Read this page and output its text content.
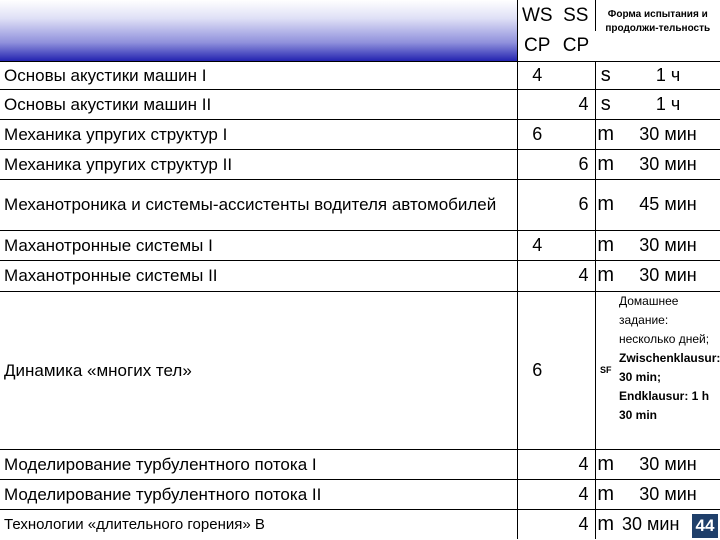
	WS	SS	Форма испытания и продолжи-тельность	
	CP	CP		
Основы акустики машин I	4		s	1 ч
Основы акустики машин II		4	s	1 ч
Механика упругих структур I	6		m	30 мин
Механика упругих структур II		6	m	30 мин
Механотроника и системы-ассистенты водителя автомобилей		6	m	45 мин
Маханотронные системы I	4		m	30 мин
Маханотронные системы II		4	m	30 мин
Динамика «многих тел»	6		SF	Домашнее задание:
несколько дней;
Zwischenklausur: 30 min;
Endklausur: 1 h 30 min

Моделирование турбулентного потока I		4	m	30 мин
Моделирование турбулентного потока II		4	m	30 мин
Технологии «длительного горения» B		4	m	30 мин 44
